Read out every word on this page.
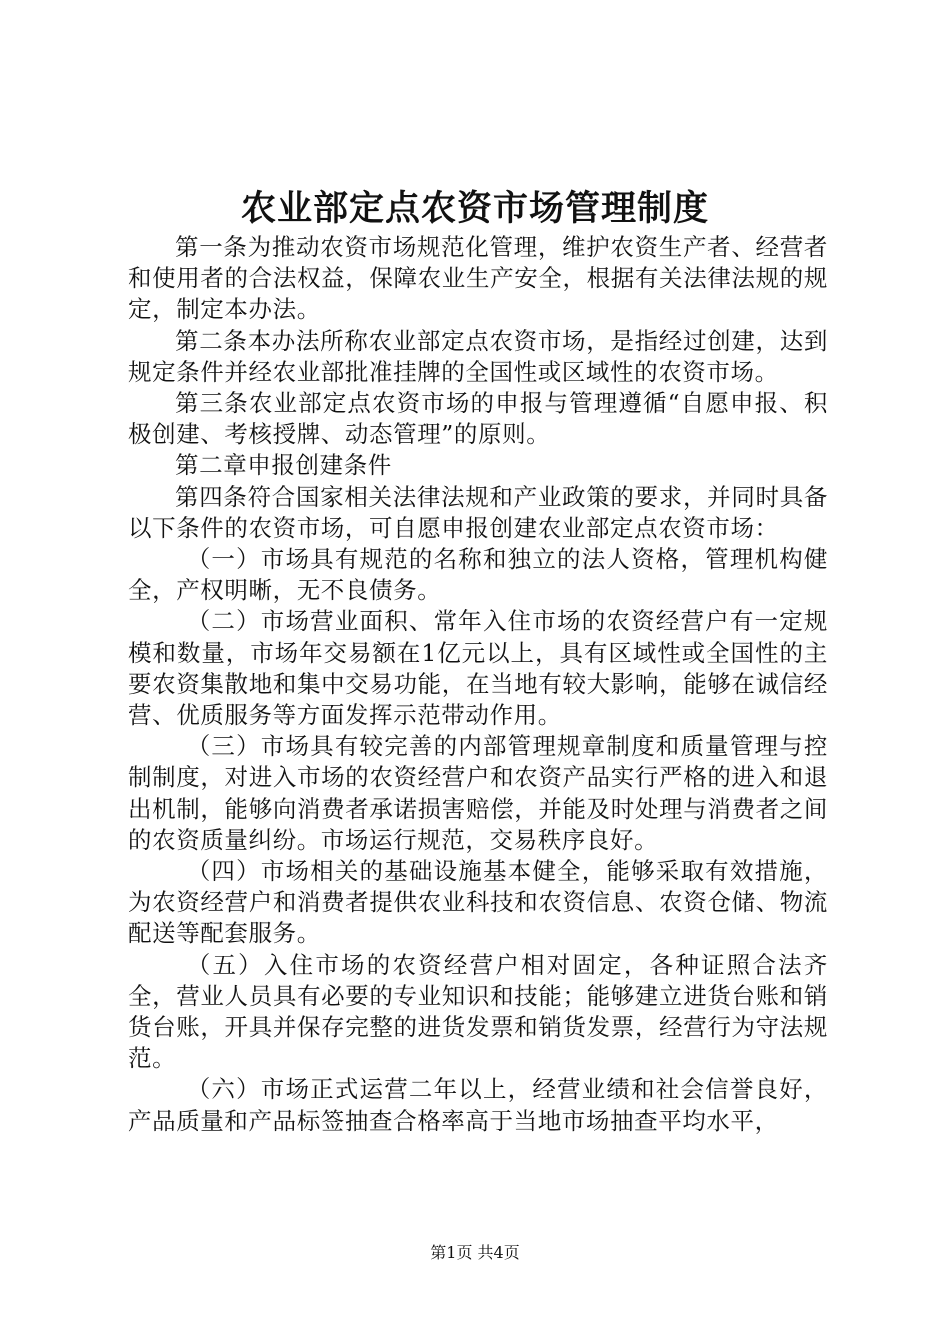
农业部定点农资市场管理制度

第一条为推动农资市场规范化管理，维护农资生产者、经营者和使用者的合法权益，保障农业生产安全，根据有关法律法规的规定，制定本办法。

第二条本办法所称农业部定点农资市场，是指经过创建，达到规定条件并经农业部批准挂牌的全国性或区域性的农资市场。

第三条农业部定点农资市场的申报与管理遵循“自愿申报、积极创建、考核授牌、动态管理”的原则。

第二章申报创建条件

第四条符合国家相关法律法规和产业政策的要求，并同时具备以下条件的农资市场，可自愿申报创建农业部定点农资市场：

（一）市场具有规范的名称和独立的法人资格，管理机构健全，产权明晰，无不良债务。

（二）市场营业面积、常年入住市场的农资经营户有一定规模和数量，市场年交易额在1亿元以上，具有区域性或全国性的主要农资集散地和集中交易功能，在当地有较大影响，能够在诚信经营、优质服务等方面发挥示范带动作用。

（三）市场具有较完善的内部管理规章制度和质量管理与控制制度，对进入市场的农资经营户和农资产品实行严格的进入和退出机制，能够向消费者承诺损害赔偿，并能及时处理与消费者之间的农资质量纠纷。市场运行规范，交易秩序良好。

（四）市场相关的基础设施基本健全，能够采取有效措施，为农资经营户和消费者提供农业科技和农资信息、农资仓储、物流配送等配套服务。

（五）入住市场的农资经营户相对固定，各种证照合法齐全，营业人员具有必要的专业知识和技能；能够建立进货台账和销货台账，开具并保存完整的进货发票和销货发票，经营行为守法规范。

（六）市场正式运营二年以上，经营业绩和社会信誉良好，产品质量和产品标签抽查合格率高于当地市场抽查平均水平，

第1页 共4页
